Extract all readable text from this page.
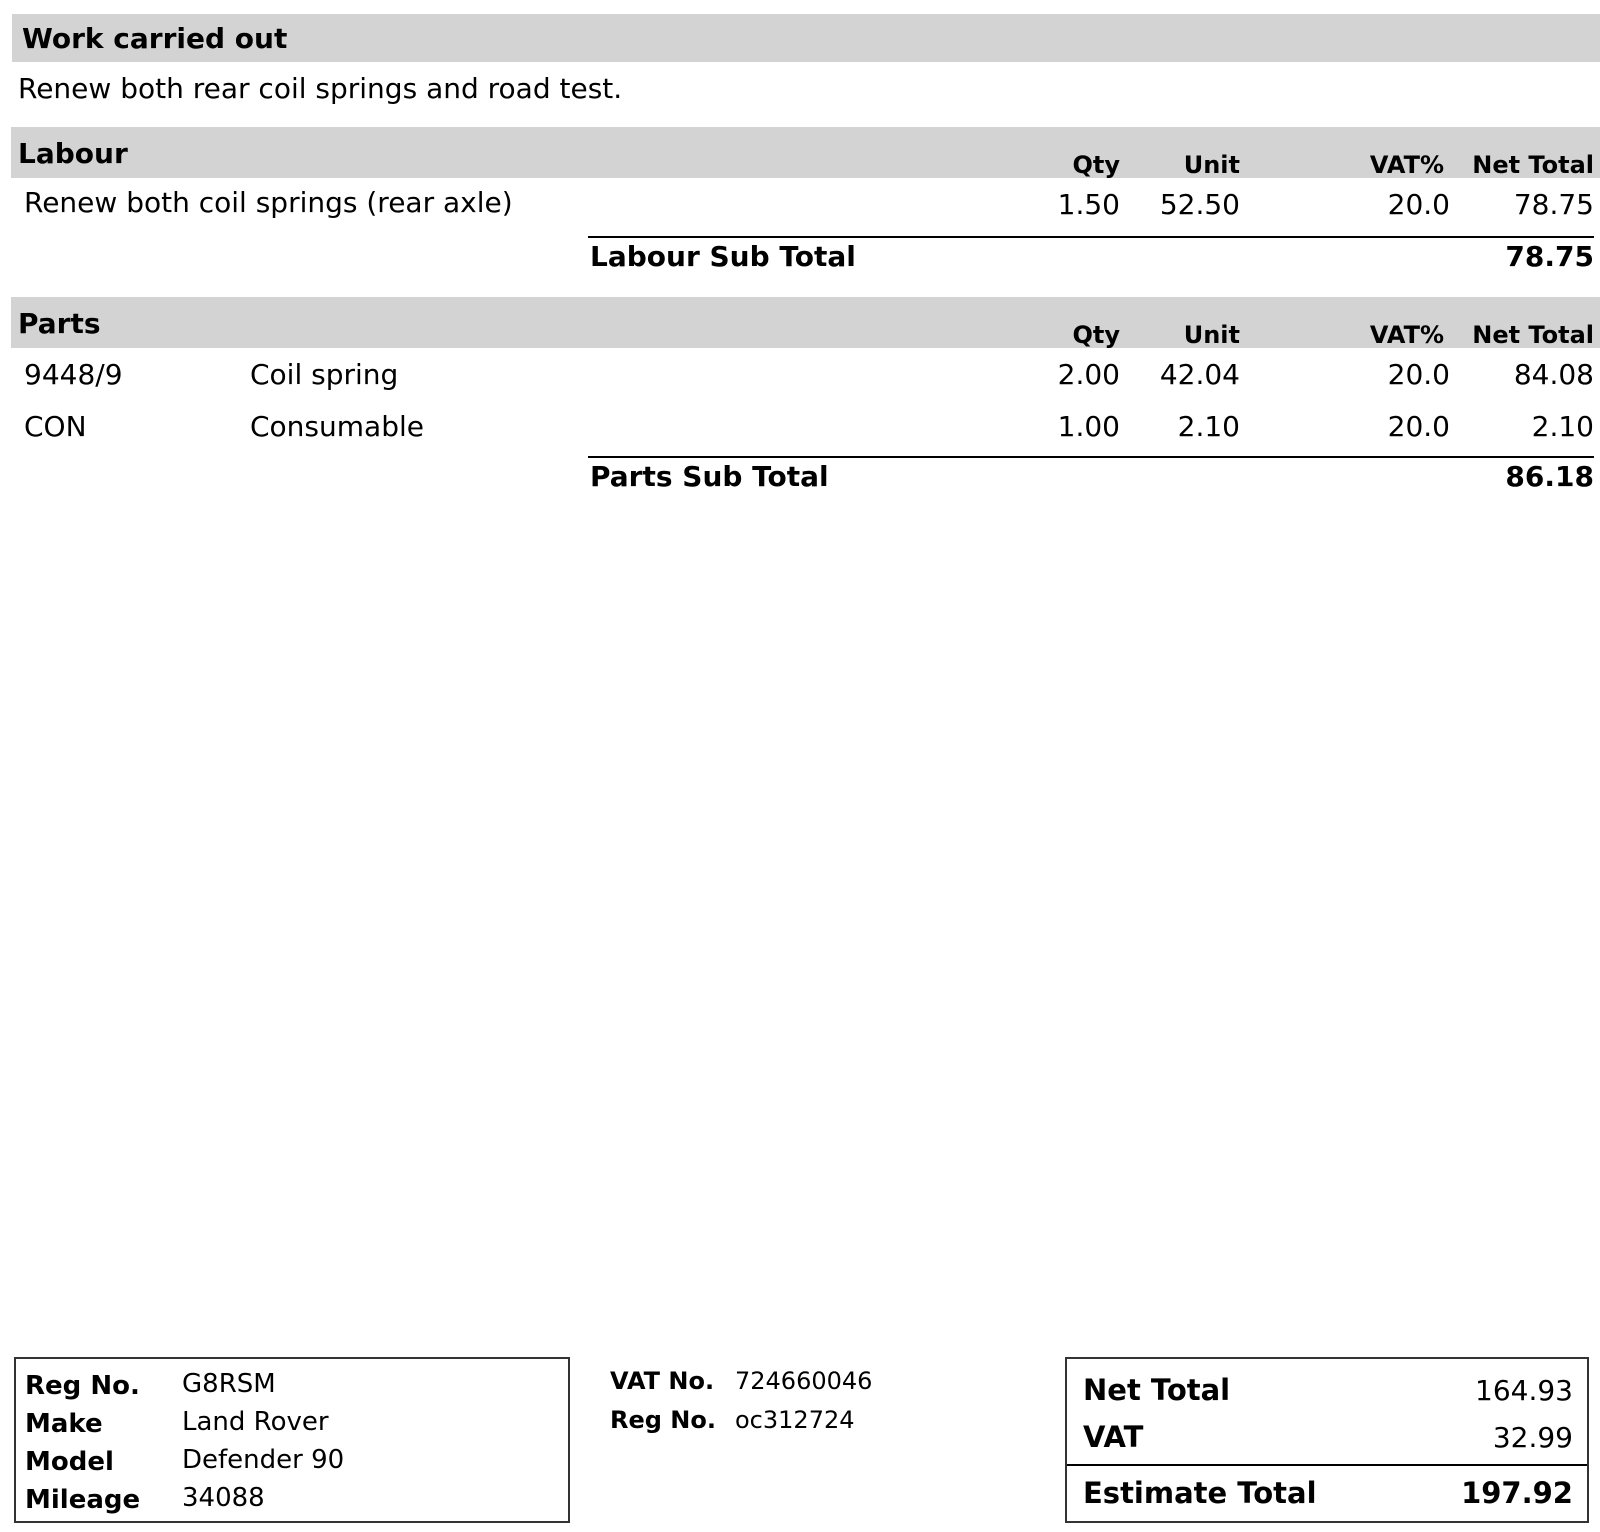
Work carried out
Renew both rear coil springs and road test.
Labour	Qty	Unit	VAT%	Net Total
Renew both coil springs (rear axle)	1.50	52.50	20.0	78.75
Labour Sub Total	78.75
Parts	Qty	Unit	VAT%	Net Total
9448/9	Coil spring	2.00	42.04	20.0	84.08
CON	Consumable	1.00	2.10	20.0	2.10
Parts Sub Total	86.18
Reg No. G8RSM
Make	Land Rover
Model	Defender 90
Mileage 34088
VAT No. 724660046
Reg No. oc312724
Net Total	164.93
VAT	32.99
Estimate Total	197.92
